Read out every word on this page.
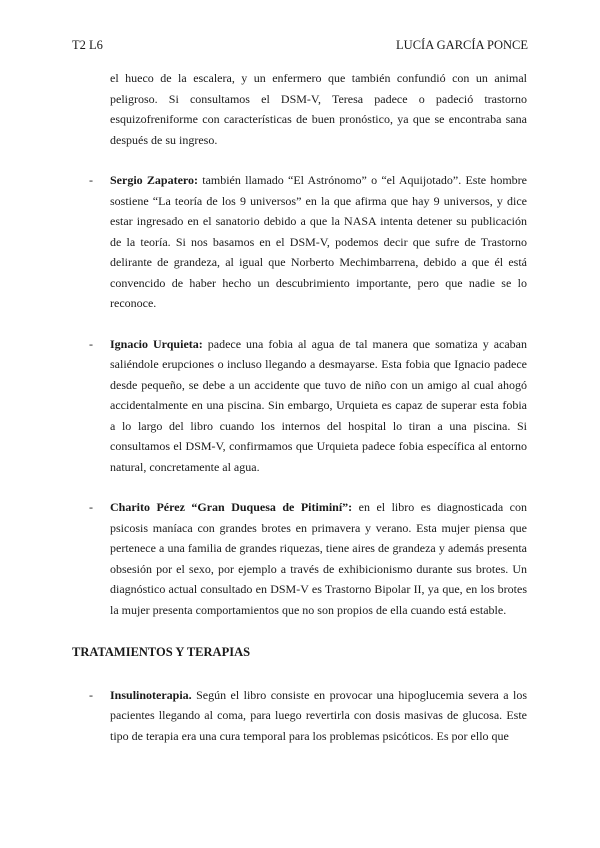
T2 L6	LUCÍA GARCÍA PONCE

el hueco de la escalera, y un enfermero que también confundió con un animal peligroso. Si consultamos el DSM-V, Teresa padece o padeció trastorno esquizofreniforme con características de buen pronóstico, ya que se encontraba sana después de su ingreso.

- Sergio Zapatero: también llamado “El Astrónomo” o “el Aquijotado”. Este hombre sostiene “La teoría de los 9 universos” en la que afirma que hay 9 universos, y dice estar ingresado en el sanatorio debido a que la NASA intenta detener su publicación de la teoría. Si nos basamos en el DSM-V, podemos decir que sufre de Trastorno delirante de grandeza, al igual que Norberto Mechimbarrena, debido a que él está convencido de haber hecho un descubrimiento importante, pero que nadie se lo reconoce.

- Ignacio Urquieta: padece una fobia al agua de tal manera que somatiza y acaban saliéndole erupciones o incluso llegando a desmayarse. Esta fobia que Ignacio padece desde pequeño, se debe a un accidente que tuvo de niño con un amigo al cual ahogó accidentalmente en una piscina. Sin embargo, Urquieta es capaz de superar esta fobia a lo largo del libro cuando los internos del hospital lo tiran a una piscina. Si consultamos el DSM-V, confirmamos que Urquieta padece fobia específica al entorno natural, concretamente al agua.

- Charito Pérez “Gran Duquesa de Pitiminí”: en el libro es diagnosticada con psicosis maníaca con grandes brotes en primavera y verano. Esta mujer piensa que pertenece a una familia de grandes riquezas, tiene aires de grandeza y además presenta obsesión por el sexo, por ejemplo a través de exhibicionismo durante sus brotes. Un diagnóstico actual consultado en DSM-V es Trastorno Bipolar II, ya que, en los brotes la mujer presenta comportamientos que no son propios de ella cuando está estable.

TRATAMIENTOS Y TERAPIAS

- Insulinoterapia. Según el libro consiste en provocar una hipoglucemia severa a los pacientes llegando al coma, para luego revertirla con dosis masivas de glucosa. Este tipo de terapia era una cura temporal para los problemas psicóticos. Es por ello que
